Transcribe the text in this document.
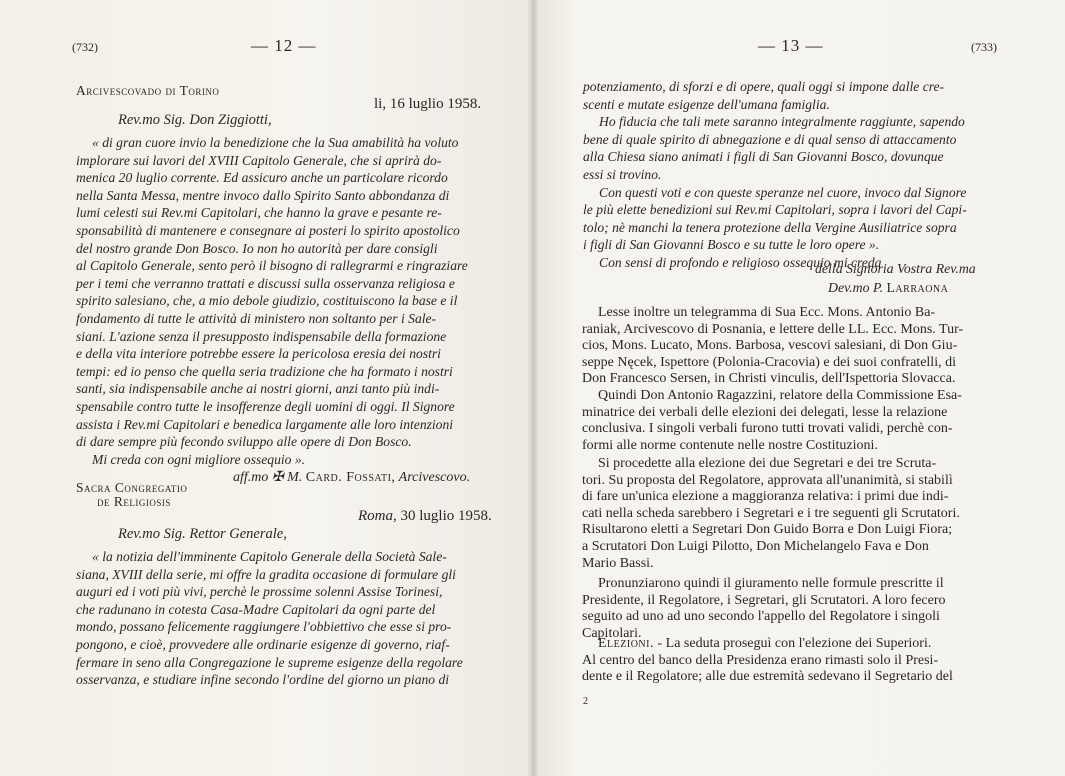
(732)	— 12 —
Arcivescovado di Torino
li, 16 luglio 1958.
Rev.mo Sig. Don Ziggiotti,
« di gran cuore invio la benedizione che la Sua amabilità ha voluto
implorare sui lavori del XVIII Capitolo Generale, che si aprirà do-
menica 20 luglio corrente. Ed assicuro anche un particolare ricordo
nella Santa Messa, mentre invoco dallo Spirito Santo abbondanza di
lumi celesti sui Rev.mi Capitolari, che hanno la grave e pesante re-
sponsabilità di mantenere e consegnare ai posteri lo spirito apostolico
del nostro grande Don Bosco. Io non ho autorità per dare consigli
al Capitolo Generale, sento però il bisogno di rallegrarmi e ringraziare
per i temi che verranno trattati e discussi sulla osservanza religiosa e
spirito salesiano, che, a mio debole giudizio, costituiscono la base e il
fondamento di tutte le attività di ministero non soltanto per i Sale-
siani. L'azione senza il presupposto indispensabile della formazione
e della vita interiore potrebbe essere la pericolosa eresia dei nostri
tempi: ed io penso che quella seria tradizione che ha formato i nostri
santi, sia indispensabile anche ai nostri giorni, anzi tanto più indi-
spensabile contro tutte le insofferenze degli uomini di oggi. Il Signore
assista i Rev.mi Capitolari e benedica largamente alle loro intenzioni
di dare sempre più fecondo sviluppo alle opere di Don Bosco.
Mi creda con ogni migliore ossequio ».
aff.mo ✠ M. Card. Fossati, Arcivescovo.
Sacra Congregatio
de Religiosis
Roma, 30 luglio 1958.
Rev.mo Sig. Rettor Generale,
« la notizia dell'imminente Capitolo Generale della Società Sale-
siana, XVIII della serie, mi offre la gradita occasione di formulare gli
auguri ed i voti più vivi, perchè le prossime solenni Assise Torinesi,
che radunano in cotesta Casa-Madre Capitolari da ogni parte del
mondo, possano felicemente raggiungere l'obbiettivo che esse si pro-
pongono, e cioè, provvedere alle ordinarie esigenze di governo, riaf-
fermare in seno alla Congregazione le supreme esigenze della regolare
osservanza, e studiare infine secondo l'ordine del giorno un piano di
— 13 —	(733)
potenziamento, di sforzi e di opere, quali oggi si impone dalle cre-
scenti e mutate esigenze dell'umana famiglia.
Ho fiducia che tali mete saranno integralmente raggiunte, sapendo
bene di quale spirito di abnegazione e di qual senso di attaccamento
alla Chiesa siano animati i figli di San Giovanni Bosco, dovunque
essi si trovino.
Con questi voti e con queste speranze nel cuore, invoco dal Signore
le più elette benedizioni sui Rev.mi Capitolari, sopra i lavori del Capi-
tolo; nè manchi la tenera protezione della Vergine Ausiliatrice sopra
i figli di San Giovanni Bosco e su tutte le loro opere ».
Con sensi di profondo e religioso ossequio mi creda
della Signoria Vostra Rev.ma
Dev.mo P. Larraona
Lesse inoltre un telegramma di Sua Ecc. Mons. Antonio Ba-
raniak, Arcivescovo di Posnania, e lettere delle LL. Ecc. Mons. Tur-
cios, Mons. Lucato, Mons. Barbosa, vescovi salesiani, di Don Giu-
seppe Nęcek, Ispettore (Polonia-Cracovia) e dei suoi confratelli, di
Don Francesco Sersen, in Christi vinculis, dell'Ispettoria Slovacca.
Quindi Don Antonio Ragazzini, relatore della Commissione Esa-
minatrice dei verbali delle elezioni dei delegati, lesse la relazione
conclusiva. I singoli verbali furono tutti trovati validi, perchè con-
formi alle norme contenute nelle nostre Costituzioni.
Si procedette alla elezione dei due Segretari e dei tre Scruta-
tori. Su proposta del Regolatore, approvata all'unanimità, si stabilì
di fare un'unica elezione a maggioranza relativa: i primi due indi-
cati nella scheda sarebbero i Segretari e i tre seguenti gli Scrutatori.
Risultarono eletti a Segretari Don Guido Borra e Don Luigi Fiora;
a Scrutatori Don Luigi Pilotto, Don Michelangelo Fava e Don
Mario Bassi.
Pronunziarono quindi il giuramento nelle formule prescritte il
Presidente, il Regolatore, i Segretari, gli Scrutatori. A loro fecero
seguito ad uno ad uno secondo l'appello del Regolatore i singoli
Capitolari.
Elezioni. - La seduta proseguì con l'elezione dei Superiori.
Al centro del banco della Presidenza erano rimasti solo il Presi-
dente e il Regolatore; alle due estremità sedevano il Segretario del
2
